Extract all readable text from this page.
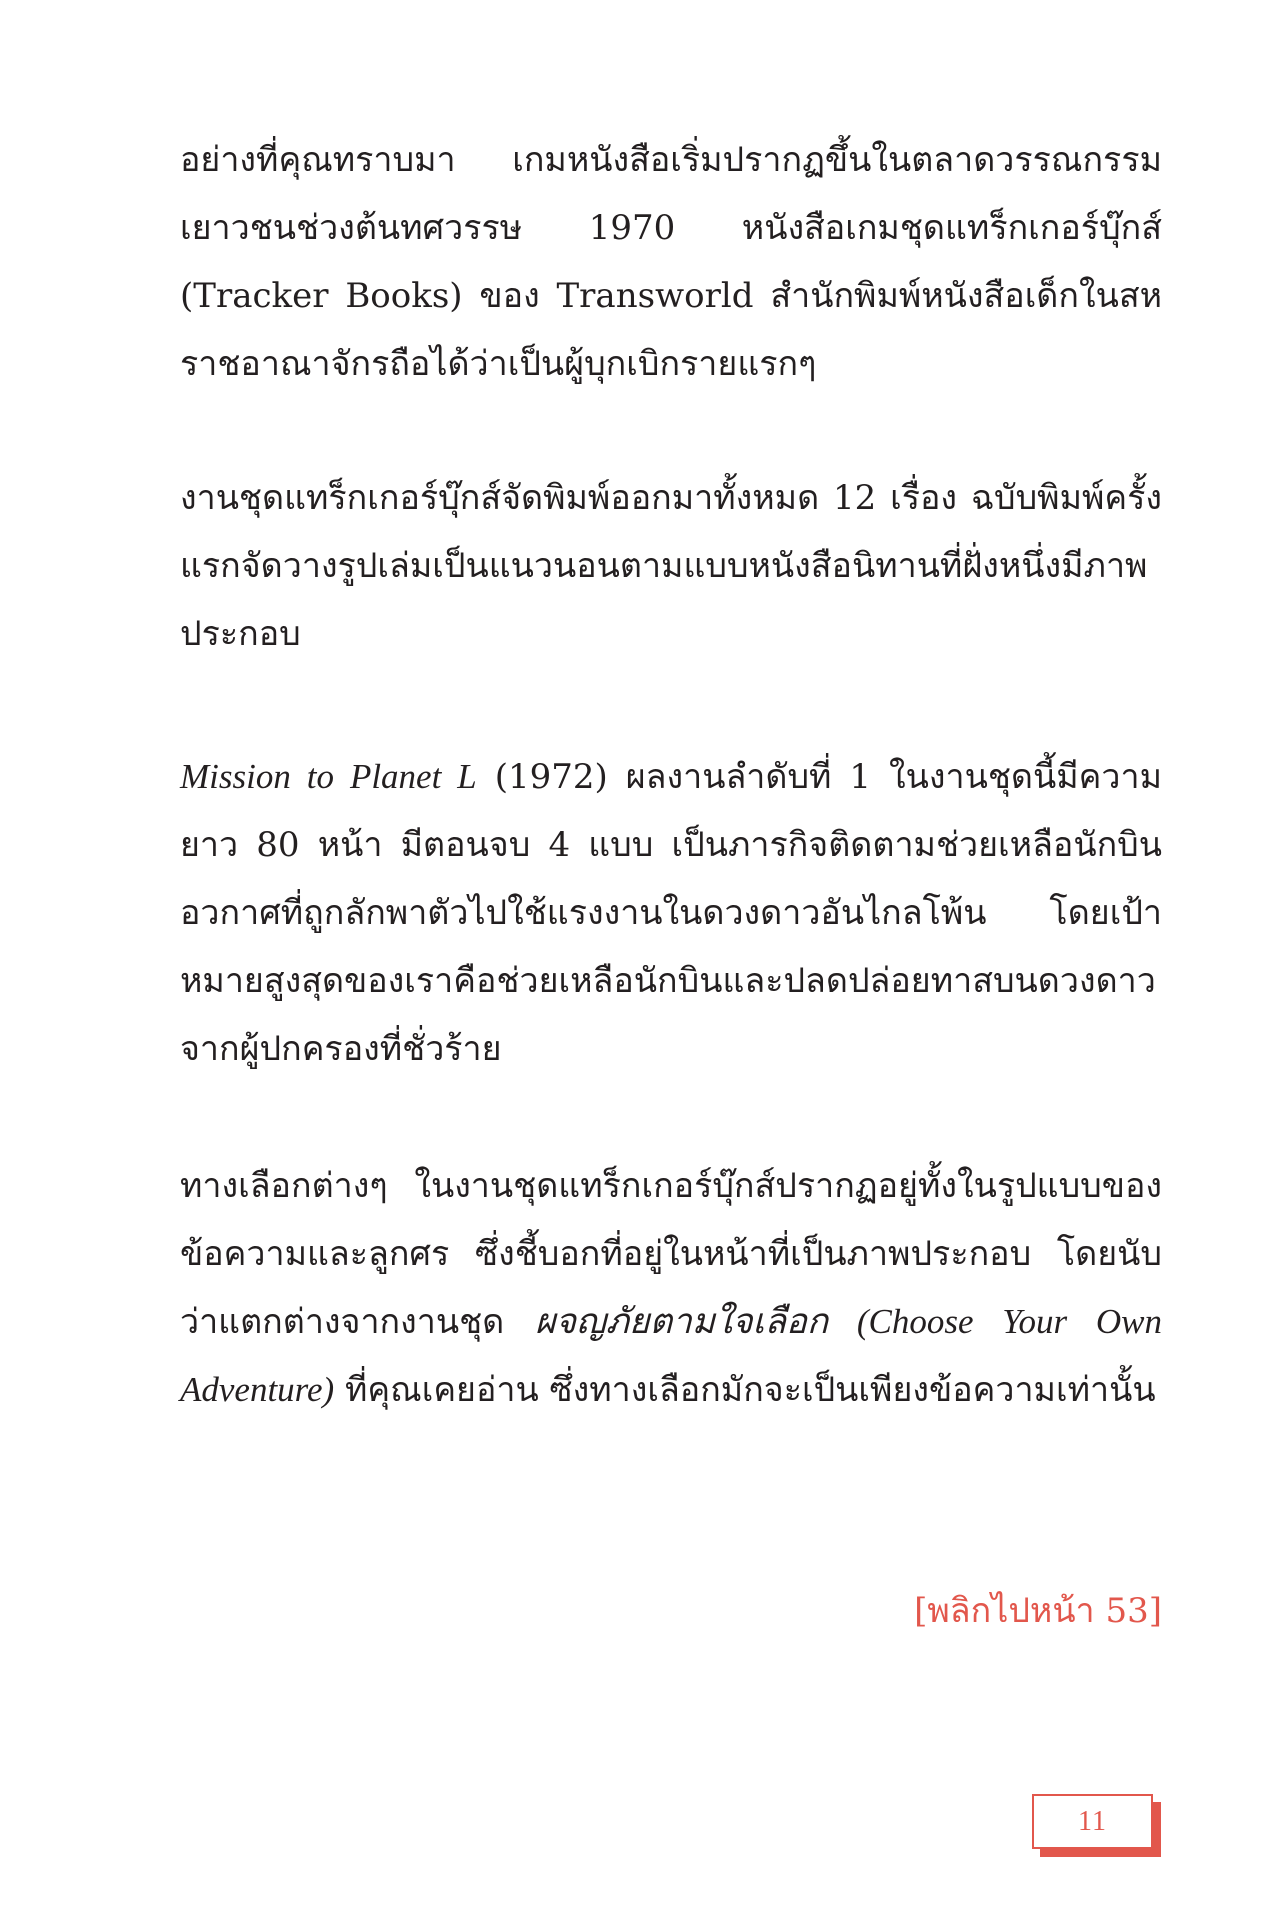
อย่างที่คุณทราบมา เกมหนังสือเริ่มปรากฏขึ้นในตลาดวรรณกรรมเยาวชนช่วงต้นทศวรรษ 1970 หนังสือเกมชุดแทร็กเกอร์บุ๊กส์ (Tracker Books) ของ Transworld สำนักพิมพ์หนังสือเด็กในสหราชอาณาจักรถือได้ว่าเป็นผู้บุกเบิกรายแรกๆ

งานชุดแทร็กเกอร์บุ๊กส์จัดพิมพ์ออกมาทั้งหมด 12 เรื่อง ฉบับพิมพ์ครั้งแรกจัดวางรูปเล่มเป็นแนวนอนตามแบบหนังสือนิทานที่ฝั่งหนึ่งมีภาพประกอบ

Mission to Planet L (1972) ผลงานลำดับที่ 1 ในงานชุดนี้มีความยาว 80 หน้า มีตอนจบ 4 แบบ เป็นภารกิจติดตามช่วยเหลือนักบินอวกาศที่ถูกลักพาตัวไปใช้แรงงานในดวงดาวอันไกลโพ้น โดยเป้าหมายสูงสุดของเราคือช่วยเหลือนักบินและปลดปล่อยทาสบนดวงดาวจากผู้ปกครองที่ชั่วร้าย

ทางเลือกต่างๆ ในงานชุดแทร็กเกอร์บุ๊กส์ปรากฏอยู่ทั้งในรูปแบบของข้อความและลูกศร ซึ่งชี้บอกที่อยู่ในหน้าที่เป็นภาพประกอบ โดยนับว่าแตกต่างจากงานชุด ผจญภัยตามใจเลือก (Choose Your Own Adventure) ที่คุณเคยอ่าน ซึ่งทางเลือกมักจะเป็นเพียงข้อความเท่านั้น

[พลิกไปหน้า 53]
11
